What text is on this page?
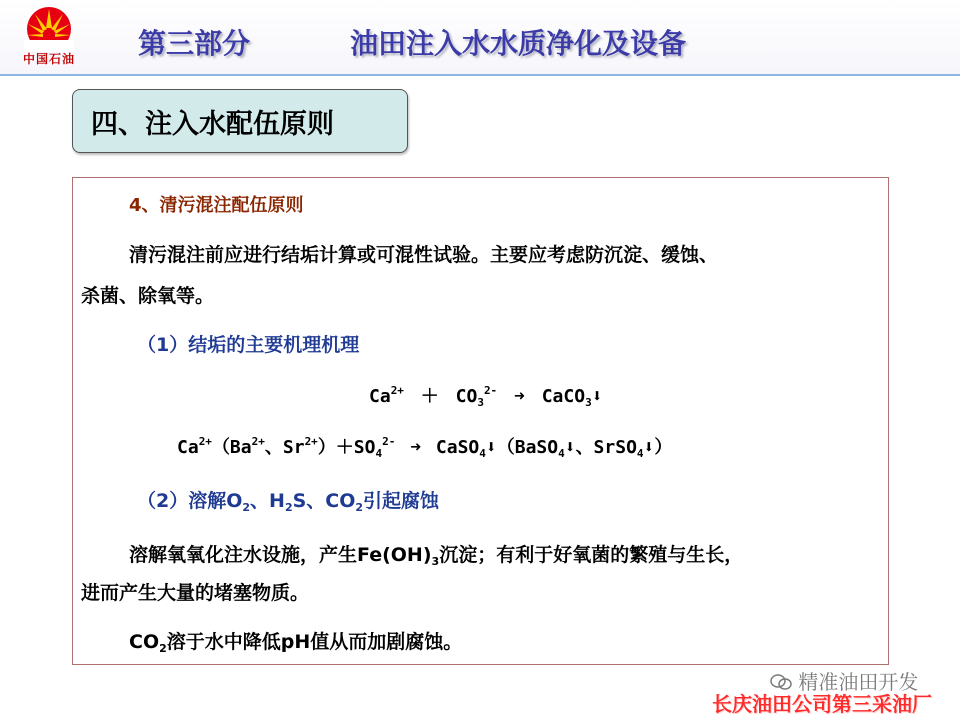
中国石油	第三部分	油田注入水水质净化及设备
四、注入水配伍原则
4、清污混注配伍原则
清污混注前应进行结垢计算或可混性试验。主要应考虑防沉淀、缓蚀、
杀菌、除氧等。
（1）结垢的主要机理机理
$Ca^{2+} + CO_3^{2-}$ ➜ CaCO$_3$⬇
$Ca^{2+}(Ba^{2+}$、$Sr^{2+})+SO_4^{2-}$ ➜ CaSO$_4$⬇（BaSO$_4$⬇、SrSO$_4$⬇）
（2）溶解$O_2$、$H_2S$、$CO_2$引起腐蚀
溶解氧氧化注水设施，产生$Fe(OH)_3$沉淀；有利于好氧菌的繁殖与生长，
进而产生大量的堵塞物质。
$CO_2$溶于水中降低pH值从而加剧腐蚀。
精准油田开发
长庆油田公司第三采油厂
